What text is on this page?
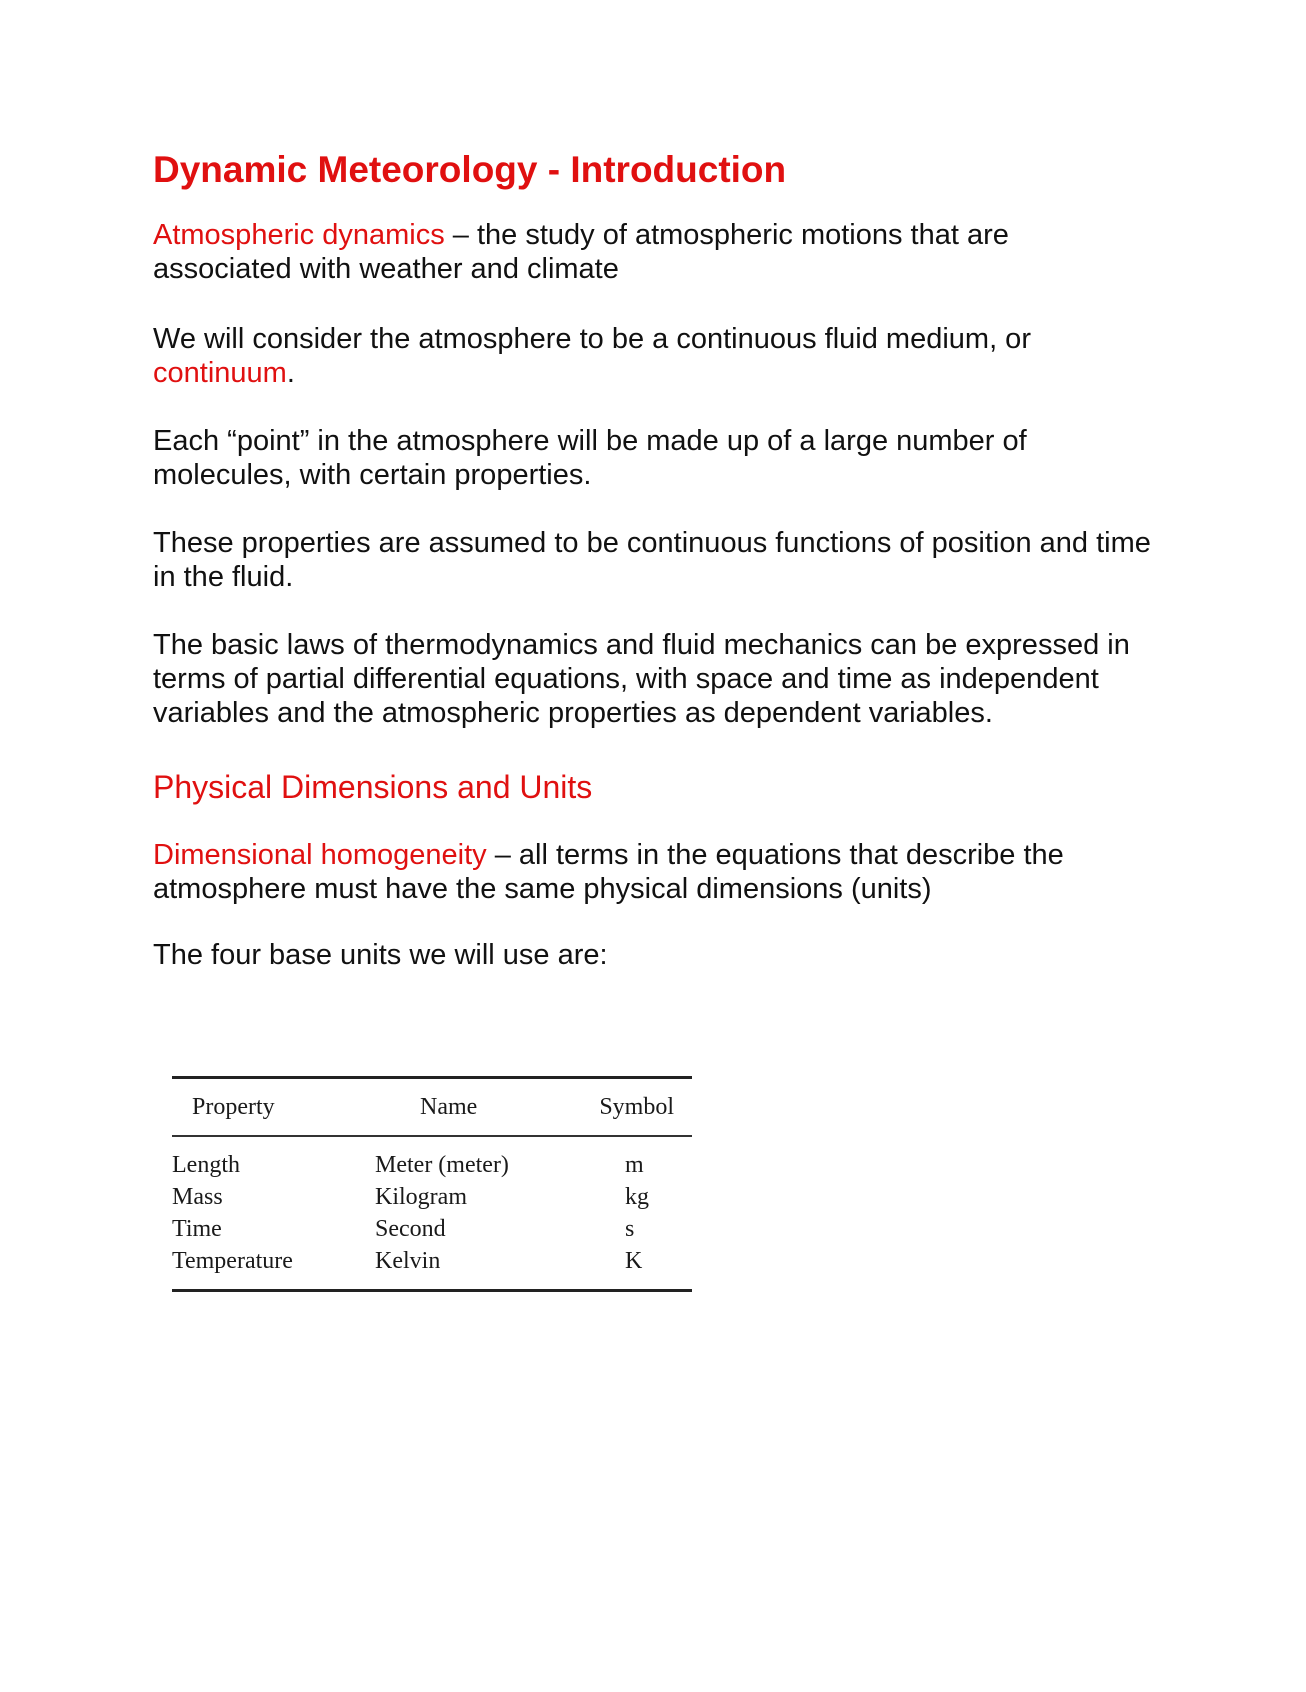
Dynamic Meteorology - Introduction

Atmospheric dynamics – the study of atmospheric motions that are associated with weather and climate

We will consider the atmosphere to be a continuous fluid medium, or continuum.

Each “point” in the atmosphere will be made up of a large number of molecules, with certain properties.

These properties are assumed to be continuous functions of position and time in the fluid.

The basic laws of thermodynamics and fluid mechanics can be expressed in terms of partial differential equations, with space and time as independent variables and the atmospheric properties as dependent variables.

Physical Dimensions and Units

Dimensional homogeneity – all terms in the equations that describe the atmosphere must have the same physical dimensions (units)

The four base units we will use are:

Property	Name	Symbol
Length	Meter (meter)	m
Mass	Kilogram	kg
Time	Second	s
Temperature	Kelvin	K
